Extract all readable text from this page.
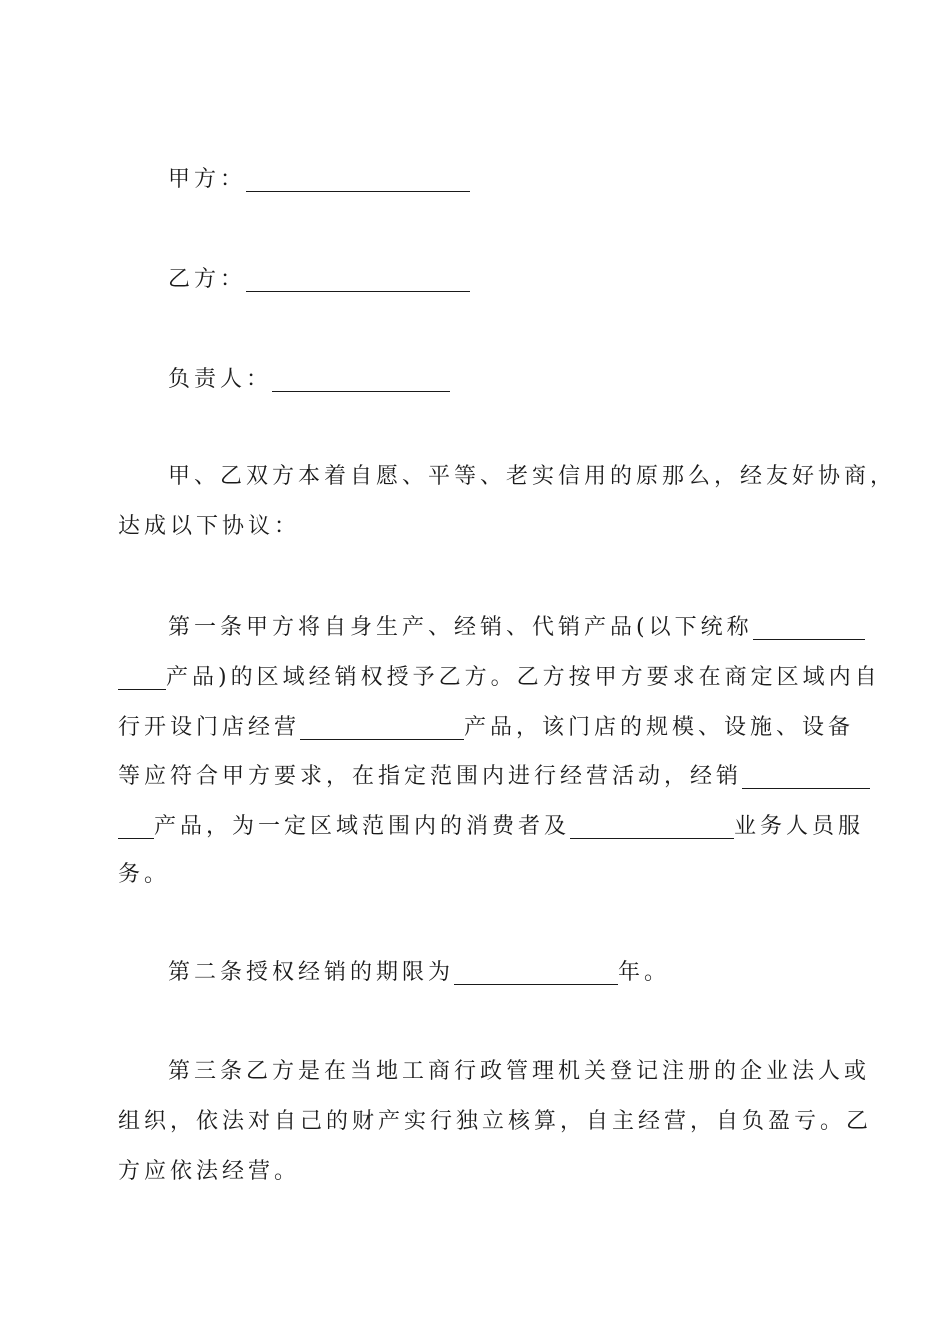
甲方：
乙方：
负责人：
甲、乙双方本着自愿、平等、老实信用的原那么，经友好协商，
达成以下协议：
第一条甲方将自身生产、经销、代销产品(以下统称
产品)的区域经销权授予乙方。乙方按甲方要求在商定区域内自
行开设门店经营	产品，该门店的规模、设施、设备
等应符合甲方要求，在指定范围内进行经营活动，经销
产品，为一定区域范围内的消费者及	业务人员服
务。
第二条授权经销的期限为	年。
第三条乙方是在当地工商行政管理机关登记注册的企业法人或
组织，依法对自己的财产实行独立核算，自主经营，自负盈亏。乙
方应依法经营。
